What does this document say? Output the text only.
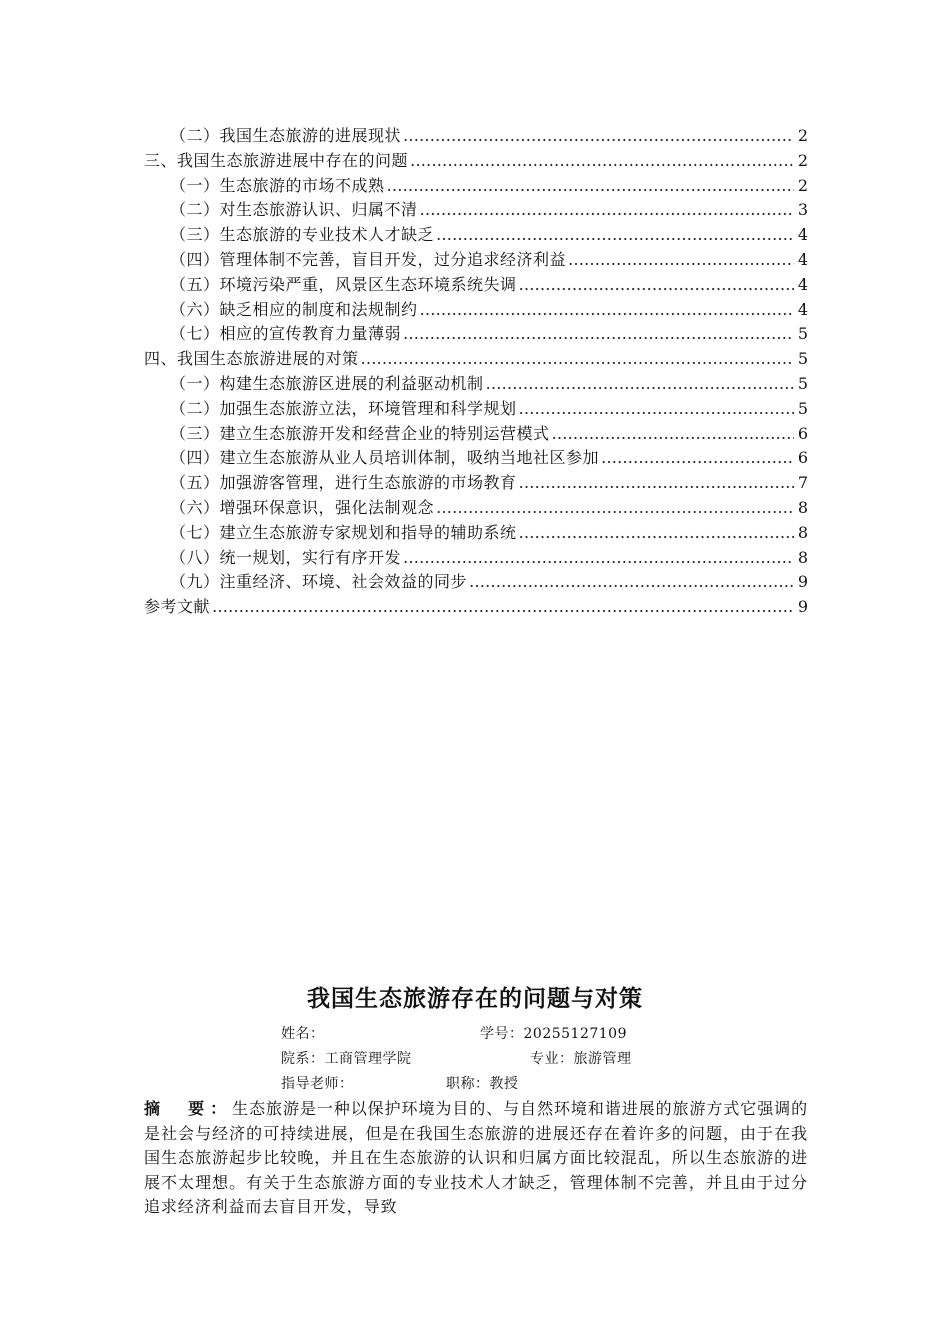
（二）我国生态旅游的进展现状 ……………………………………………………………………………………………………………………………………………………………………………	2
三、我国生态旅游进展中存在的问题 ……………………………………………………………………………………………………………………………………………………………………………	2
（一）生态旅游的市场不成熟 ……………………………………………………………………………………………………………………………………………………………………………	2
（二）对生态旅游认识、归属不清 ……………………………………………………………………………………………………………………………………………………………………………	3
（三）生态旅游的专业技术人才缺乏 ……………………………………………………………………………………………………………………………………………………………………………	4
（四）管理体制不完善，盲目开发，过分追求经济利益 ……………………………………………………………………………………………………………………………………………………………………………	4
（五）环境污染严重，风景区生态环境系统失调 ……………………………………………………………………………………………………………………………………………………………………………	4
（六）缺乏相应的制度和法规制约 ……………………………………………………………………………………………………………………………………………………………………………	4
（七）相应的宣传教育力量薄弱 ……………………………………………………………………………………………………………………………………………………………………………	5
四、我国生态旅游进展的对策 ……………………………………………………………………………………………………………………………………………………………………………	5
（一）构建生态旅游区进展的利益驱动机制 ……………………………………………………………………………………………………………………………………………………………………………	5
（二）加强生态旅游立法，环境管理和科学规划 ……………………………………………………………………………………………………………………………………………………………………………	5
（三）建立生态旅游开发和经营企业的特别运营模式 ……………………………………………………………………………………………………………………………………………………………………………	6
（四）建立生态旅游从业人员培训体制，吸纳当地社区参加 ……………………………………………………………………………………………………………………………………………………………………………	6
（五）加强游客管理，进行生态旅游的市场教育 ……………………………………………………………………………………………………………………………………………………………………………	7
（六）增强环保意识，强化法制观念 ……………………………………………………………………………………………………………………………………………………………………………	8
（七）建立生态旅游专家规划和指导的辅助系统 ……………………………………………………………………………………………………………………………………………………………………………	8
（八）统一规划，实行有序开发 ……………………………………………………………………………………………………………………………………………………………………………	8
（九）注重经济、环境、社会效益的同步 ……………………………………………………………………………………………………………………………………………………………………………	9
参考文献 ……………………………………………………………………………………………………………………………………………………………………………	9
我国生态旅游存在的问题与对策
姓名：	学号：20255127109
院系：工商管理学院	专业：旅游管理
指导老师：	职称：教授
摘　要：生态旅游是一种以保护环境为目的、与自然环境和谐进展的旅游方式它强调的是社会与经济的可持续进展，但是在我国生态旅游的进展还存在着许多的问题，由于在我国生态旅游起步比较晚，并且在生态旅游的认识和归属方面比较混乱，所以生态旅游的进展不太理想。有关于生态旅游方面的专业技术人才缺乏，管理体制不完善，并且由于过分追求经济利益而去盲目开发，导致
